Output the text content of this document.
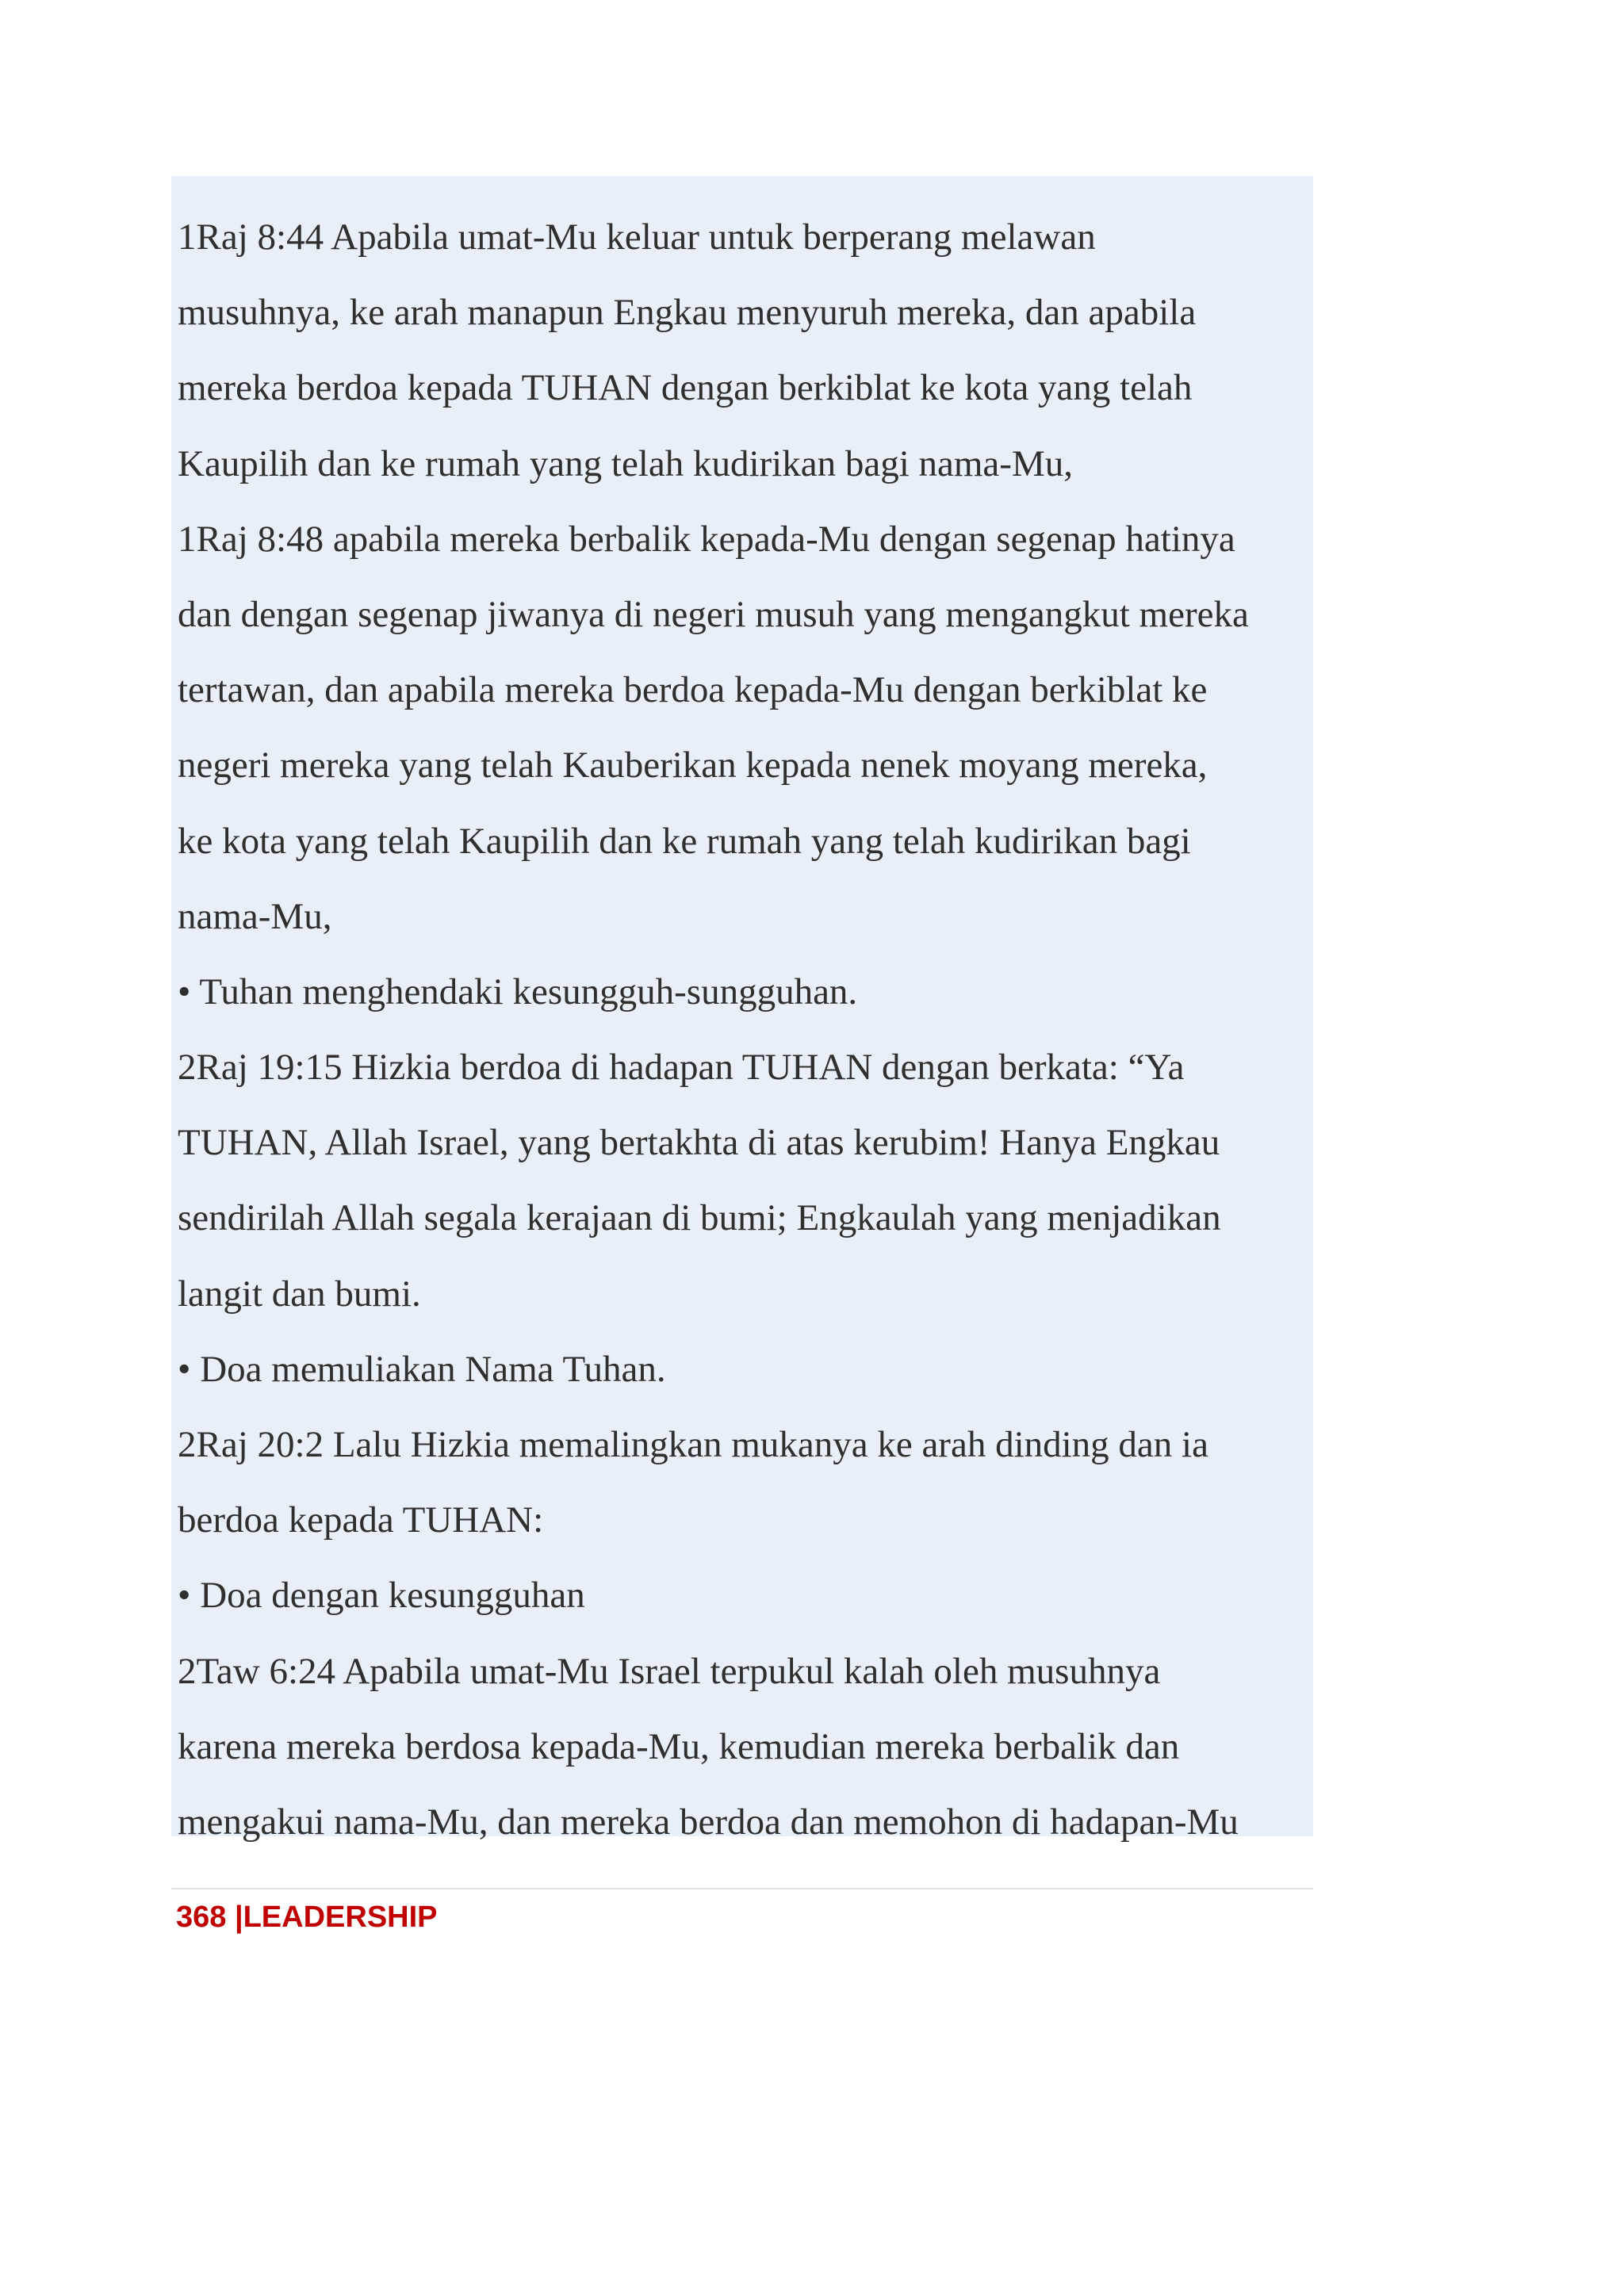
1Raj 8:44 Apabila umat-Mu keluar untuk berperang melawan
musuhnya, ke arah manapun Engkau menyuruh mereka, dan apabila
mereka berdoa kepada TUHAN dengan berkiblat ke kota yang telah
Kaupilih dan ke rumah yang telah kudirikan bagi nama-Mu,
1Raj 8:48 apabila mereka berbalik kepada-Mu dengan segenap hatinya
dan dengan segenap jiwanya di negeri musuh yang mengangkut mereka
tertawan, dan apabila mereka berdoa kepada-Mu dengan berkiblat ke
negeri mereka yang telah Kauberikan kepada nenek moyang mereka,
ke kota yang telah Kaupilih dan ke rumah yang telah kudirikan bagi
nama-Mu,
• Tuhan menghendaki kesungguh-sungguhan.
2Raj 19:15 Hizkia berdoa di hadapan TUHAN dengan berkata: “Ya
TUHAN, Allah Israel, yang bertakhta di atas kerubim! Hanya Engkau
sendirilah Allah segala kerajaan di bumi; Engkaulah yang menjadikan
langit dan bumi.
• Doa memuliakan Nama Tuhan.
2Raj 20:2 Lalu Hizkia memalingkan mukanya ke arah dinding dan ia
berdoa kepada TUHAN:
• Doa dengan kesungguhan
2Taw 6:24 Apabila umat-Mu Israel terpukul kalah oleh musuhnya
karena mereka berdosa kepada-Mu, kemudian mereka berbalik dan
mengakui nama-Mu, dan mereka berdoa dan memohon di hadapan-Mu
368 |LEADERSHIP
